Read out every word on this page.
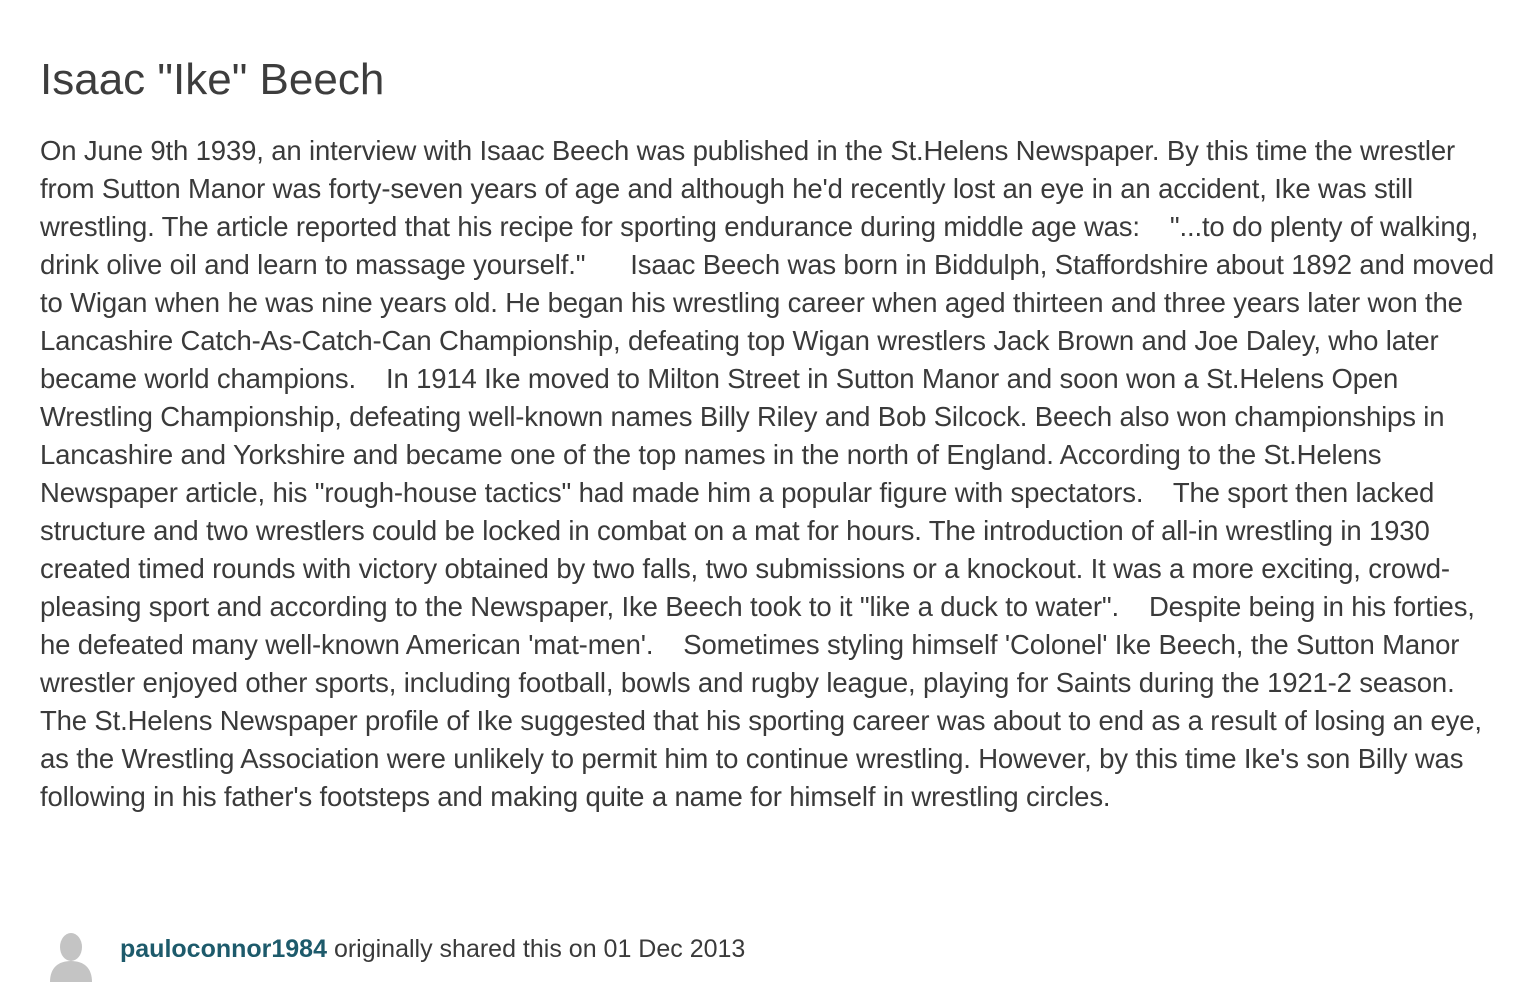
Isaac "Ike" Beech

On June 9th 1939, an interview with Isaac Beech was published in the St.Helens Newspaper. By this time the wrestler from Sutton Manor was forty-seven years of age and although he'd recently lost an eye in an accident, Ike was still wrestling. The article reported that his recipe for sporting endurance during middle age was:    "...to do plenty of walking, drink olive oil and learn to massage yourself."      Isaac Beech was born in Biddulph, Staffordshire about 1892 and moved to Wigan when he was nine years old. He began his wrestling career when aged thirteen and three years later won the Lancashire Catch-As-Catch-Can Championship, defeating top Wigan wrestlers Jack Brown and Joe Daley, who later became world champions.    In 1914 Ike moved to Milton Street in Sutton Manor and soon won a St.Helens Open Wrestling Championship, defeating well-known names Billy Riley and Bob Silcock. Beech also won championships in Lancashire and Yorkshire and became one of the top names in the north of England. According to the St.Helens Newspaper article, his "rough-house tactics" had made him a popular figure with spectators.    The sport then lacked structure and two wrestlers could be locked in combat on a mat for hours. The introduction of all-in wrestling in 1930 created timed rounds with victory obtained by two falls, two submissions or a knockout. It was a more exciting, crowd-pleasing sport and according to the Newspaper, Ike Beech took to it "like a duck to water".    Despite being in his forties, he defeated many well-known American 'mat-men'.    Sometimes styling himself 'Colonel' Ike Beech, the Sutton Manor wrestler enjoyed other sports, including football, bowls and rugby league, playing for Saints during the 1921-2 season. The St.Helens Newspaper profile of Ike suggested that his sporting career was about to end as a result of losing an eye, as the Wrestling Association were unlikely to permit him to continue wrestling. However, by this time Ike's son Billy was following in his father's footsteps and making quite a name for himself in wrestling circles.

pauloconnor1984 originally shared this on 01 Dec 2013
